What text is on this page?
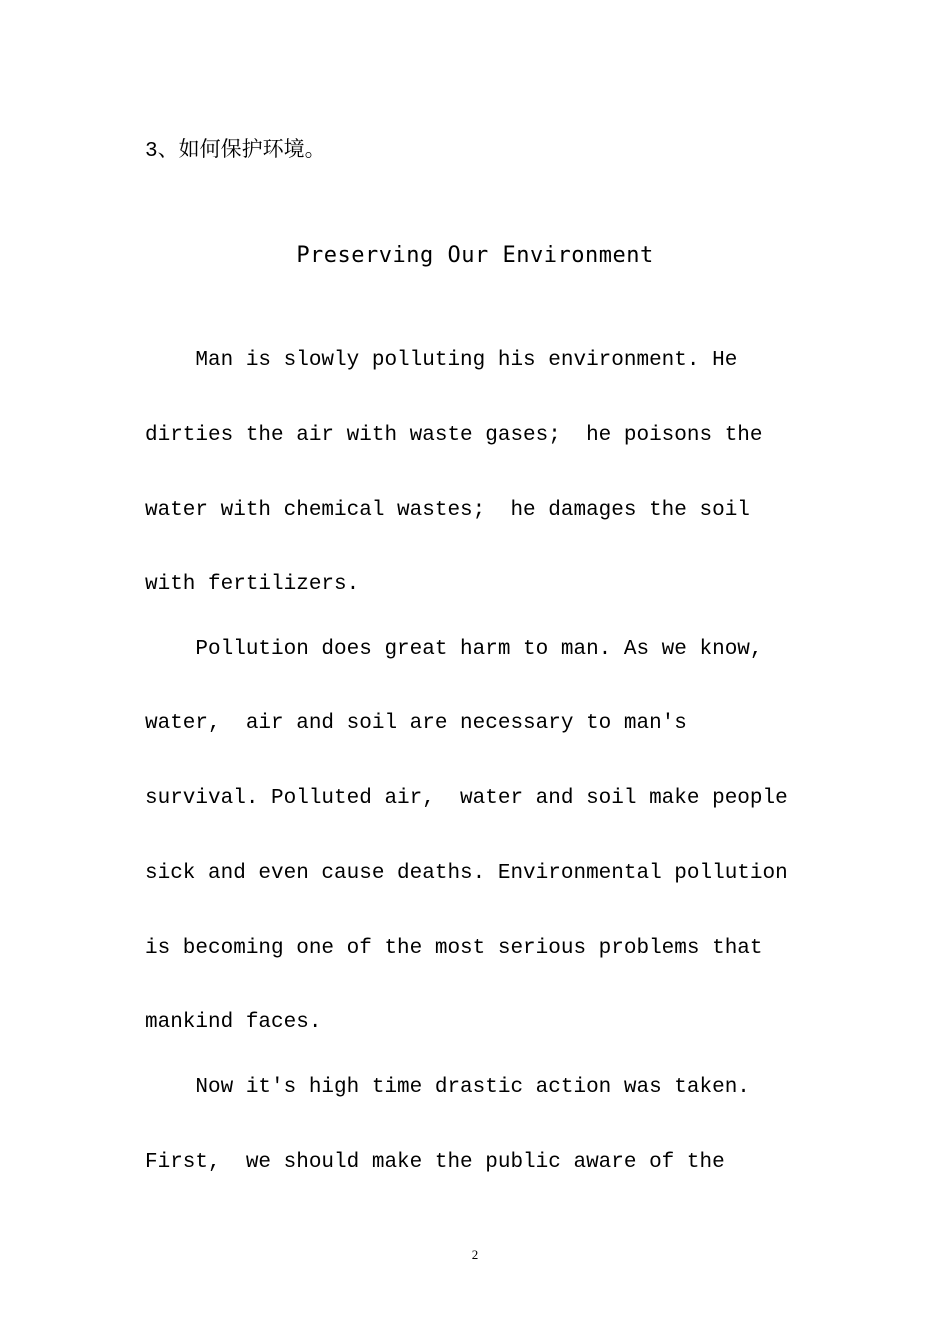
3、如何保护环境。
Preserving Our Environment
Man is slowly polluting his environment. He
dirties the air with waste gases;  he poisons the
water with chemical wastes;  he damages the soil
with fertilizers.
Pollution does great harm to man. As we know,
water,  air and soil are necessary to man's
survival. Polluted air,  water and soil make people
sick and even cause deaths. Environmental pollution
is becoming one of the most serious problems that
mankind faces.
Now it's high time drastic action was taken.
First,  we should make the public aware of the
2
